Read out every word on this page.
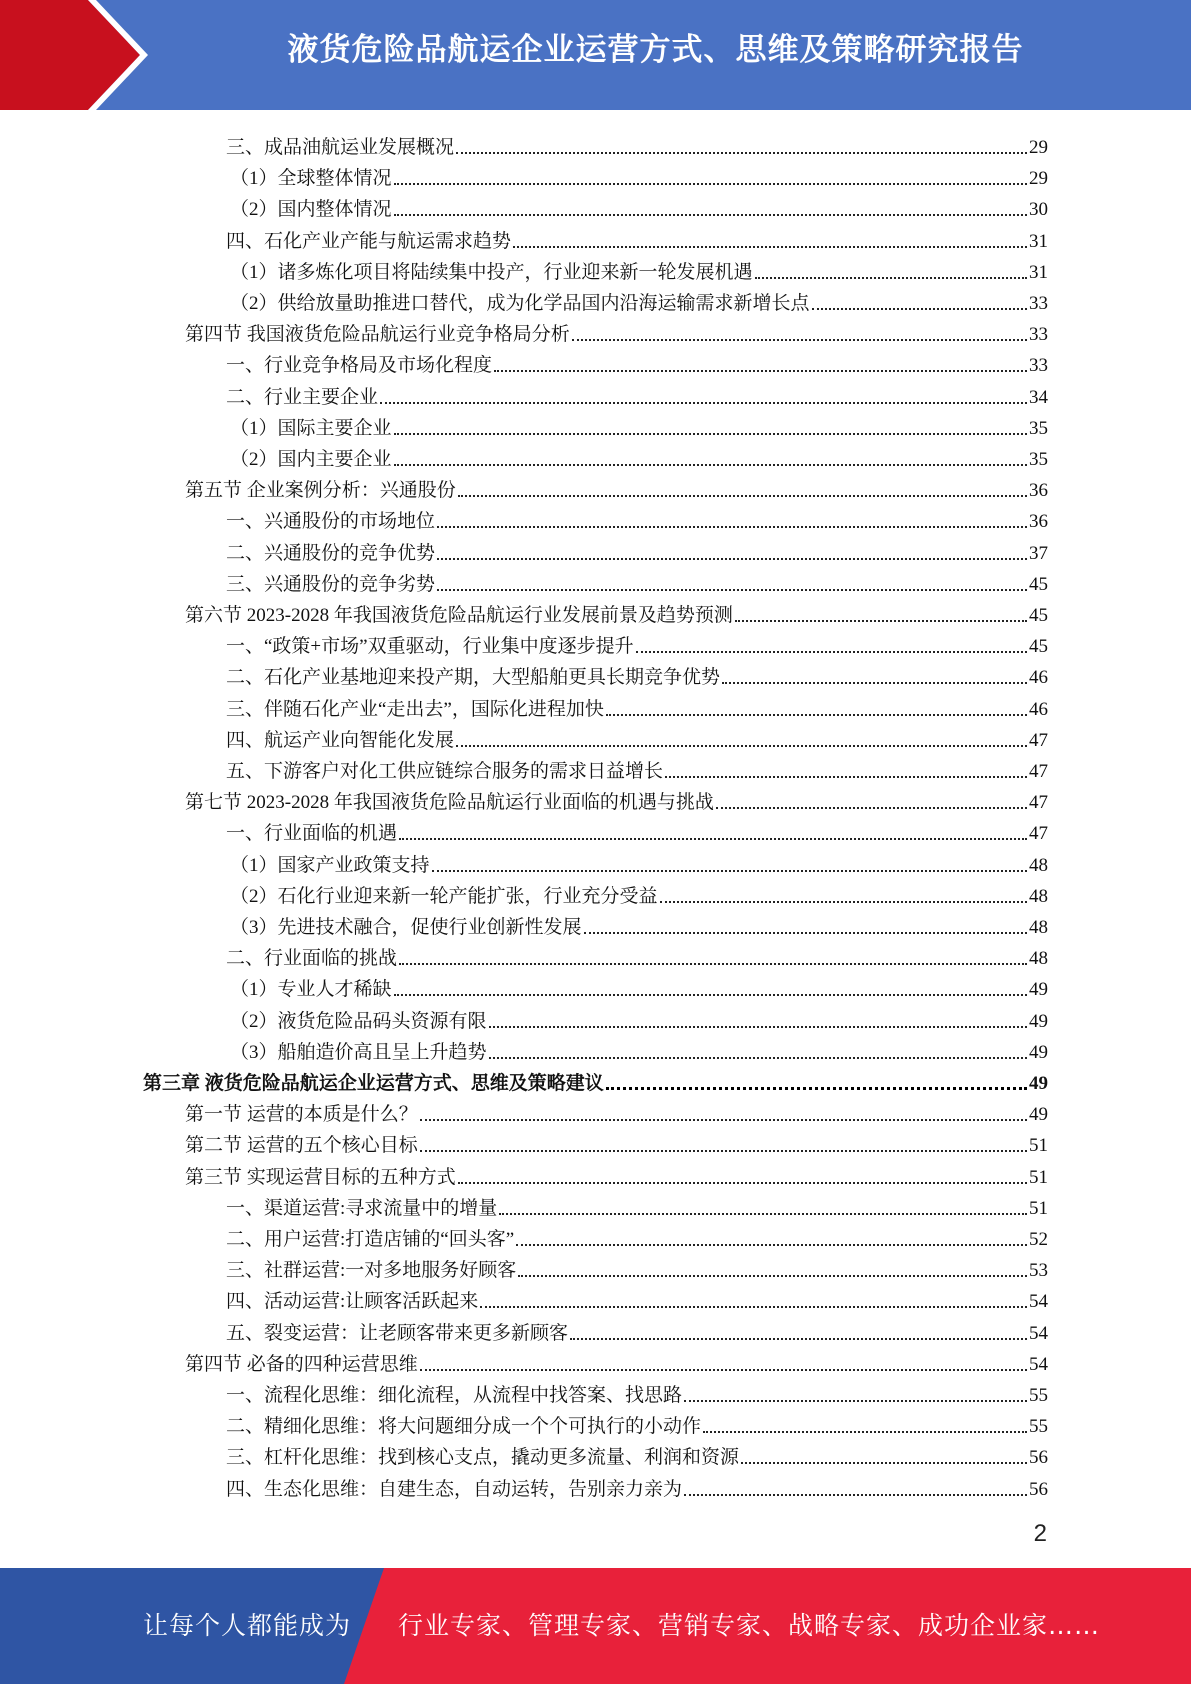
液货危险品航运企业运营方式、思维及策略研究报告
三、成品油航运业发展概况	29
（1）全球整体情况	29
（2）国内整体情况	30
四、石化产业产能与航运需求趋势	31
（1）诸多炼化项目将陆续集中投产，行业迎来新一轮发展机遇	31
（2）供给放量助推进口替代，成为化学品国内沿海运输需求新增长点	33
第四节 我国液货危险品航运行业竞争格局分析	33
一、行业竞争格局及市场化程度	33
二、行业主要企业	34
（1）国际主要企业	35
（2）国内主要企业	35
第五节 企业案例分析：兴通股份	36
一、兴通股份的市场地位	36
二、兴通股份的竞争优势	37
三、兴通股份的竞争劣势	45
第六节 2023-2028 年我国液货危险品航运行业发展前景及趋势预测	45
一、“政策+市场”双重驱动，行业集中度逐步提升	45
二、石化产业基地迎来投产期，大型船舶更具长期竞争优势	46
三、伴随石化产业“走出去”，国际化进程加快	46
四、航运产业向智能化发展	47
五、下游客户对化工供应链综合服务的需求日益增长	47
第七节 2023-2028 年我国液货危险品航运行业面临的机遇与挑战	47
一、行业面临的机遇	47
（1）国家产业政策支持	48
（2）石化行业迎来新一轮产能扩张，行业充分受益	48
（3）先进技术融合，促使行业创新性发展	48
二、行业面临的挑战	48
（1）专业人才稀缺	49
（2）液货危险品码头资源有限	49
（3）船舶造价高且呈上升趋势	49
第三章 液货危险品航运企业运营方式、思维及策略建议	49
第一节 运营的本质是什么？	49
第二节 运营的五个核心目标	51
第三节 实现运营目标的五种方式	51
一、渠道运营:寻求流量中的增量	51
二、用户运营:打造店铺的“回头客”	52
三、社群运营:一对多地服务好顾客	53
四、活动运营:让顾客活跃起来	54
五、裂变运营：让老顾客带来更多新顾客	54
第四节 必备的四种运营思维	54
一、流程化思维：细化流程，从流程中找答案、找思路	55
二、精细化思维：将大问题细分成一个个可执行的小动作	55
三、杠杆化思维：找到核心支点，撬动更多流量、利润和资源	56
四、生态化思维：自建生态，自动运转，告别亲力亲为	56
2
让每个人都能成为 行业专家、管理专家、营销专家、战略专家、成功企业家……
